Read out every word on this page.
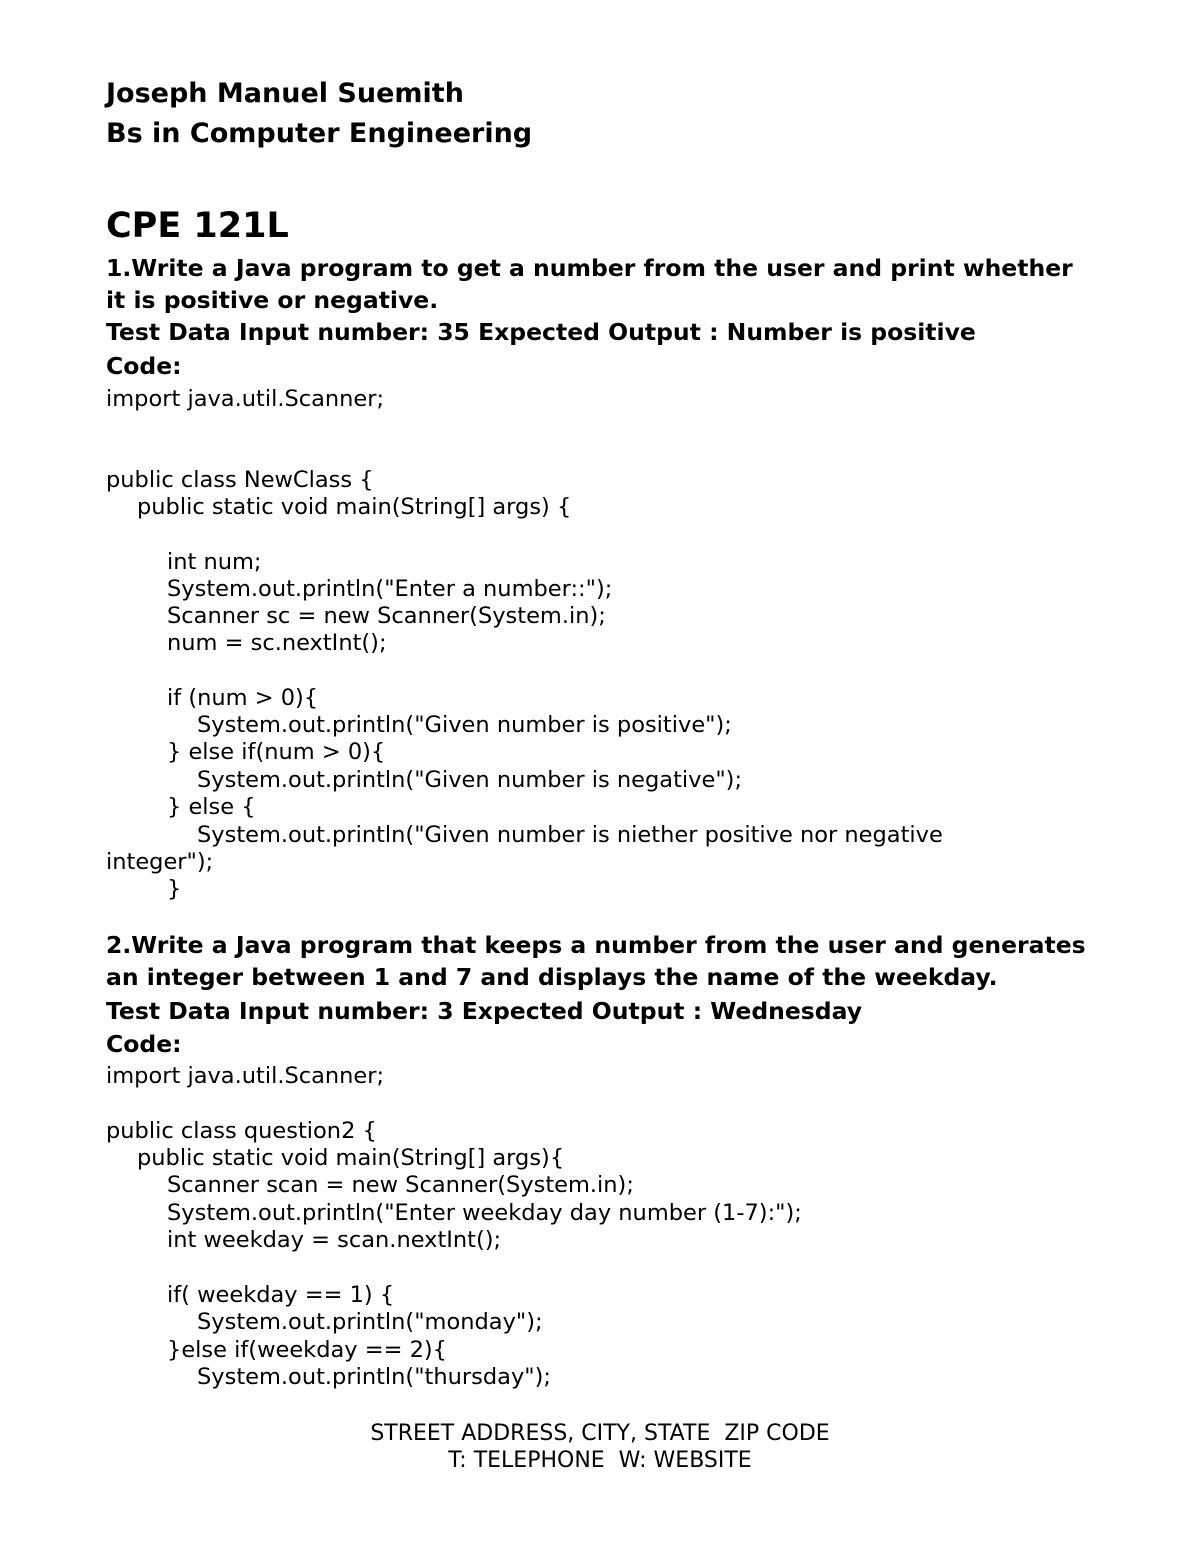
Joseph Manuel Suemith
Bs in Computer Engineering
CPE 121L
1.Write a Java program to get a number from the user and print whether
it is positive or negative.
Test Data Input number: 35 Expected Output : Number is positive
Code:
import java.util.Scanner;
public class NewClass {
public static void main(String[] args) {
int num;
System.out.println("Enter a number::");
Scanner sc = new Scanner(System.in);
num = sc.nextInt();
if (num > 0){
System.out.println("Given number is positive");
} else if(num > 0){
System.out.println("Given number is negative");
} else {
System.out.println("Given number is niether positive nor negative
integer");
}
2.Write a Java program that keeps a number from the user and generates
an integer between 1 and 7 and displays the name of the weekday.
Test Data Input number: 3 Expected Output : Wednesday
Code:
import java.util.Scanner;
public class question2 {
public static void main(String[] args){
Scanner scan = new Scanner(System.in);
System.out.println("Enter weekday day number (1-7):");
int weekday = scan.nextInt();
if( weekday == 1) {
System.out.println("monday");
}else if(weekday == 2){
System.out.println("thursday");
STREET ADDRESS, CITY, STATE  ZIP CODE
T: TELEPHONE  W: WEBSITE
